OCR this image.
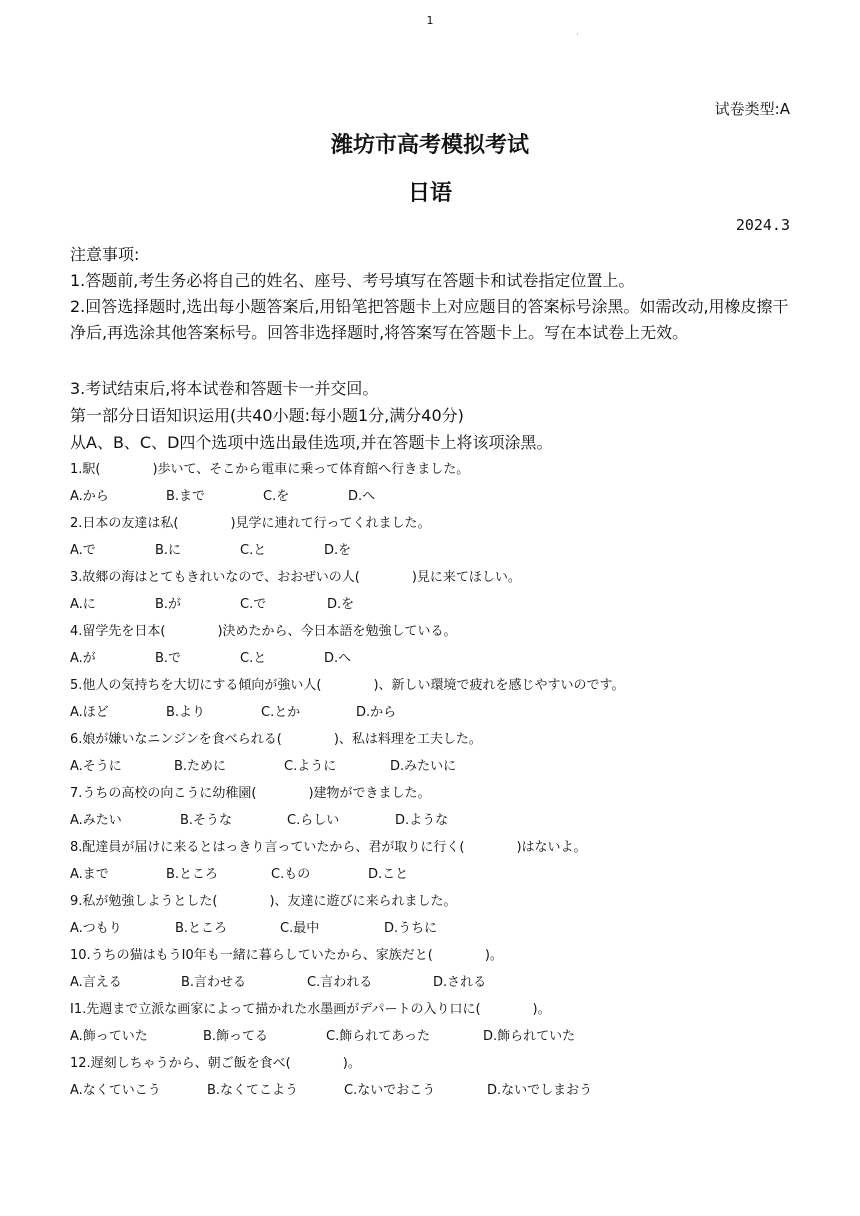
1
·
试卷类型:A
潍坊市高考模拟考试
日语
2024.3
注意事项:
1.答题前,考生务必将自己的姓名、座号、考号填写在答题卡和试卷指定位置上。
2.回答选择题时,选出每小题答案后,用铅笔把答题卡上对应题目的答案标号涂黑。如需改动,用橡皮擦干净后,再选涂其他答案标号。回答非选择题时,将答案写在答题卡上。写在本试卷上无效。
3.考试结束后,将本试卷和答题卡一并交回。
第一部分日语知识运用(共40小题:每小题1分,满分40分)
从A、B、C、D四个选项中选出最佳选项,并在答题卡上将该项涂黑。
1.駅(　　　　)歩いて、そこから電車に乗って体育館へ行きました。
A.から	B.まで	C.を	D.へ
2.日本の友達は私(　　　　)見学に連れて行ってくれました。
A.で	B.に	C.と	D.を
3.故郷の海はとてもきれいなので、おおぜいの人(　　　　)見に来てほしい。
A.に	B.が	C.で	D.を
4.留学先を日本(　　　　)決めたから、今日本語を勉強している。
A.が	B.で	C.と	D.へ
5.他人の気持ちを大切にする傾向が強い人(　　　　)、新しい環境で疲れを感じやすいのです。
A.ほど	B.より	C.とか	D.から
6.娘が嫌いなニンジンを食べられる(　　　　)、私は料理を工夫した。
A.そうに	B.ために	C.ように	D.みたいに
7.うちの高校の向こうに幼稚園(　　　　)建物ができました。
A.みたい	B.そうな	C.らしい	D.ような
8.配達員が届けに来るとはっきり言っていたから、君が取りに行く(　　　　)はないよ。
A.まで	B.ところ	C.もの	D.こと
9.私が勉強しようとした(　　　　)、友達に遊びに来られました。
A.つもり	B.ところ	C.最中	D.うちに
10.うちの猫はもうI0年も一緒に暮らしていたから、家族だと(　　　　)。
A.言える	B.言わせる	C.言われる	D.される
I1.先週まで立派な画家によって描かれた水墨画がデパートの入り口に(　　　　)。
A.飾っていた	B.飾ってる	C.飾られてあった	D.飾られていた
12.遅刻しちゃうから、朝ご飯を食べ(　　　　)。
A.なくていこう	B.なくてこよう	C.ないでおこう	D.ないでしまおう
